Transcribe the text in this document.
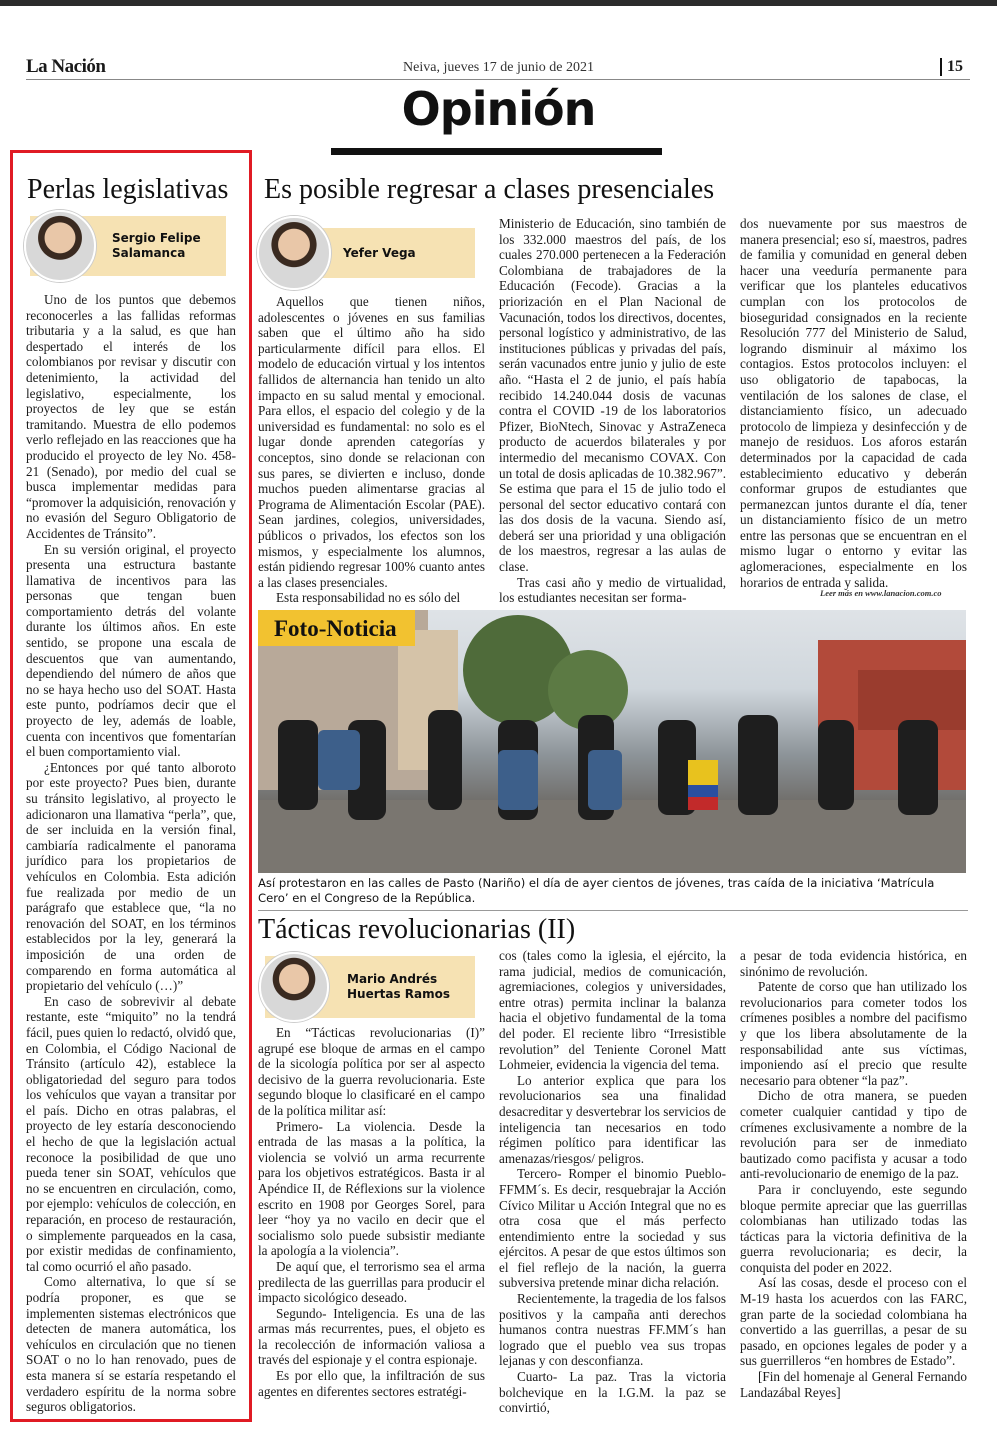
La Nación	Neiva, jueves 17 de junio de 2021	15
Opinión
Perlas legislativas
Sergio Felipe
Salamanca

Uno de los puntos que debemos reconocerles a las fallidas reformas tributaria y a la salud, es que han despertado el interés de los colombianos por revisar y discutir con detenimiento, la actividad del legislativo, especialmente, los proyectos de ley que se están tramitando. Muestra de ello podemos verlo reflejado en las reacciones que ha producido el proyecto de ley No. 458-21 (Senado), por medio del cual se busca implementar medidas para “promover la adquisición, renovación y no evasión del Seguro Obligatorio de Accidentes de Tránsito”.

En su versión original, el proyecto presenta una estructura bastante llamativa de incentivos para las personas que tengan buen comportamiento detrás del volante durante los últimos años. En este sentido, se propone una escala de descuentos que van aumentando, dependiendo del número de años que no se haya hecho uso del SOAT. Hasta este punto, podríamos decir que el proyecto de ley, además de loable, cuenta con incentivos que fomentarían el buen comportamiento vial.

¿Entonces por qué tanto alboroto por este proyecto? Pues bien, durante su tránsito legislativo, al proyecto le adicionaron una llamativa “perla”, que, de ser incluida en la versión final, cambiaría radicalmente el panorama jurídico para los propietarios de vehículos en Colombia. Esta adición fue realizada por medio de un parágrafo que establece que, “la no renovación del SOAT, en los términos establecidos por la ley, generará la imposición de una orden de comparendo en forma automática al propietario del vehículo (…)”

En caso de sobrevivir al debate restante, este “miquito” no la tendrá fácil, pues quien lo redactó, olvidó que, en Colombia, el Código Nacional de Tránsito (artículo 42), establece la obligatoriedad del seguro para todos los vehículos que vayan a transitar por el país. Dicho en otras palabras, el proyecto de ley estaría desconociendo el hecho de que la legislación actual reconoce la posibilidad de que uno pueda tener sin SOAT, vehículos que no se encuentren en circulación, como, por ejemplo: vehículos de colección, en reparación, en proceso de restauración, o simplemente parqueados en la casa, por existir medidas de confinamiento, tal como ocurrió el año pasado.

Como alternativa, lo que sí se podría proponer, es que se implementen sistemas electrónicos que detecten de manera automática, los vehículos en circulación que no tienen SOAT o no lo han renovado, pues de esta manera sí se estaría respetando el verdadero espíritu de la norma sobre seguros obligatorios.

Es posible regresar a clases presenciales
Yefer Vega

Aquellos que tienen niños, adolescentes o jóvenes en sus familias saben que el último año ha sido particularmente difícil para ellos. El modelo de educación virtual y los intentos fallidos de alternancia han tenido un alto impacto en su salud mental y emocional. Para ellos, el espacio del colegio y de la universidad es fundamental: no solo es el lugar donde aprenden categorías y conceptos, sino donde se relacionan con sus pares, se divierten e incluso, donde muchos pueden alimentarse gracias al Programa de Alimentación Escolar (PAE). Sean jardines, colegios, universidades, públicos o privados, los efectos son los mismos, y especialmente los alumnos, están pidiendo regresar 100% cuanto antes a las clases presenciales.

Esta responsabilidad no es sólo del

Ministerio de Educación, sino también de los 332.000 maestros del país, de los cuales 270.000 pertenecen a la Federación Colombiana de trabajadores de la Educación (Fecode). Gracias a la priorización en el Plan Nacional de Vacunación, todos los directivos, docentes, personal logístico y administrativo, de las instituciones públicas y privadas del país, serán vacunados entre junio y julio de este año. “Hasta el 2 de junio, el país había recibido 14.240.044 dosis de vacunas contra el COVID -19 de los laboratorios Pfizer, BioNtech, Sinovac y AstraZeneca producto de acuerdos bilaterales y por intermedio del mecanismo COVAX. Con un total de dosis aplicadas de 10.382.967”. Se estima que para el 15 de julio todo el personal del sector educativo contará con las dos dosis de la vacuna. Siendo así, deberá ser una prioridad y una obligación de los maestros, regresar a las aulas de clase.

Tras casi año y medio de virtualidad, los estudiantes necesitan ser forma-

dos nuevamente por sus maestros de manera presencial; eso sí, maestros, padres de familia y comunidad en general deben hacer una veeduría permanente para verificar que los planteles educativos cumplan con los protocolos de bioseguridad consignados en la reciente Resolución 777 del Ministerio de Salud, logrando disminuir al máximo los contagios. Estos protocolos incluyen: el uso obligatorio de tapabocas, la ventilación de los salones de clase, el distanciamiento físico, un adecuado protocolo de limpieza y desinfección y de manejo de residuos. Los aforos estarán determinados por la capacidad de cada establecimiento educativo y deberán conformar grupos de estudiantes que permanezcan juntos durante el día, tener un distanciamiento físico de un metro entre las personas que se encuentran en el mismo lugar o entorno y evitar las aglomeraciones, especialmente en los horarios de entrada y salida.

Leer más en www.lanacion.com.co
Foto-Noticia
Así protestaron en las calles de Pasto (Nariño) el día de ayer cientos de jóvenes, tras caída de la iniciativa ‘Matrícula Cero’ en el Congreso de la República.
Tácticas revolucionarias (II)
Mario Andrés
Huertas Ramos

En “Tácticas revolucionarias (I)” agrupé ese bloque de armas en el campo de la sicología política por ser al aspecto decisivo de la guerra revolucionaria. Este segundo bloque lo clasificaré en el campo de la política militar así:

Primero- La violencia. Desde la entrada de las masas a la política, la violencia se volvió un arma recurrente para los objetivos estratégicos. Basta ir al Apéndice II, de Réflexions sur la violence escrito en 1908 por Georges Sorel, para leer “hoy ya no vacilo en decir que el socialismo solo puede subsistir mediante la apología a la violencia”.

De aquí que, el terrorismo sea el arma predilecta de las guerrillas para producir el impacto sicológico deseado.

Segundo- Inteligencia. Es una de las armas más recurrentes, pues, el objeto es la recolección de información valiosa a través del espionaje y el contra espionaje.

Es por ello que, la infiltración de sus agentes en diferentes sectores estratégi-

cos (tales como la iglesia, el ejército, la rama judicial, medios de comunicación, agremiaciones, colegios y universidades, entre otras) permita inclinar la balanza hacia el objetivo fundamental de la toma del poder. El reciente libro “Irresistible revolution” del Teniente Coronel Matt Lohmeier, evidencia la vigencia del tema.

Lo anterior explica que para los revolucionarios sea una finalidad desacreditar y desvertebrar los servicios de inteligencia tan necesarios en todo régimen político para identificar las amenazas/riesgos/ peligros.

Tercero- Romper el binomio Pueblo-FFMM´s. Es decir, resquebrajar la Acción Cívico Militar u Acción Integral que no es otra cosa que el más perfecto entendimiento entre la sociedad y sus ejércitos. A pesar de que estos últimos son el fiel reflejo de la nación, la guerra subversiva pretende minar dicha relación.

Recientemente, la tragedia de los falsos positivos y la campaña anti derechos humanos contra nuestras FF.MM´s han logrado que el pueblo vea sus tropas lejanas y con desconfianza.

Cuarto- La paz. Tras la victoria bolchevique en la I.G.M. la paz se convirtió,

a pesar de toda evidencia histórica, en sinónimo de revolución.

Patente de corso que han utilizado los revolucionarios para cometer todos los crímenes posibles a nombre del pacifismo y que los libera absolutamente de la responsabilidad ante sus víctimas, imponiendo así el precio que resulte necesario para obtener “la paz”.

Dicho de otra manera, se pueden cometer cualquier cantidad y tipo de crímenes exclusivamente a nombre de la revolución para ser de inmediato bautizado como pacifista y acusar a todo anti-revolucionario de enemigo de la paz.

Para ir concluyendo, este segundo bloque permite apreciar que las guerrillas colombianas han utilizado todas las tácticas para la victoria definitiva de la guerra revolucionaria; es decir, la conquista del poder en 2022.

Así las cosas, desde el proceso con el M-19 hasta los acuerdos con las FARC, gran parte de la sociedad colombiana ha convertido a las guerrillas, a pesar de su pasado, en opciones legales de poder y a sus guerrilleros “en hombres de Estado”.

[Fin del homenaje al General Fernando Landazábal Reyes]
